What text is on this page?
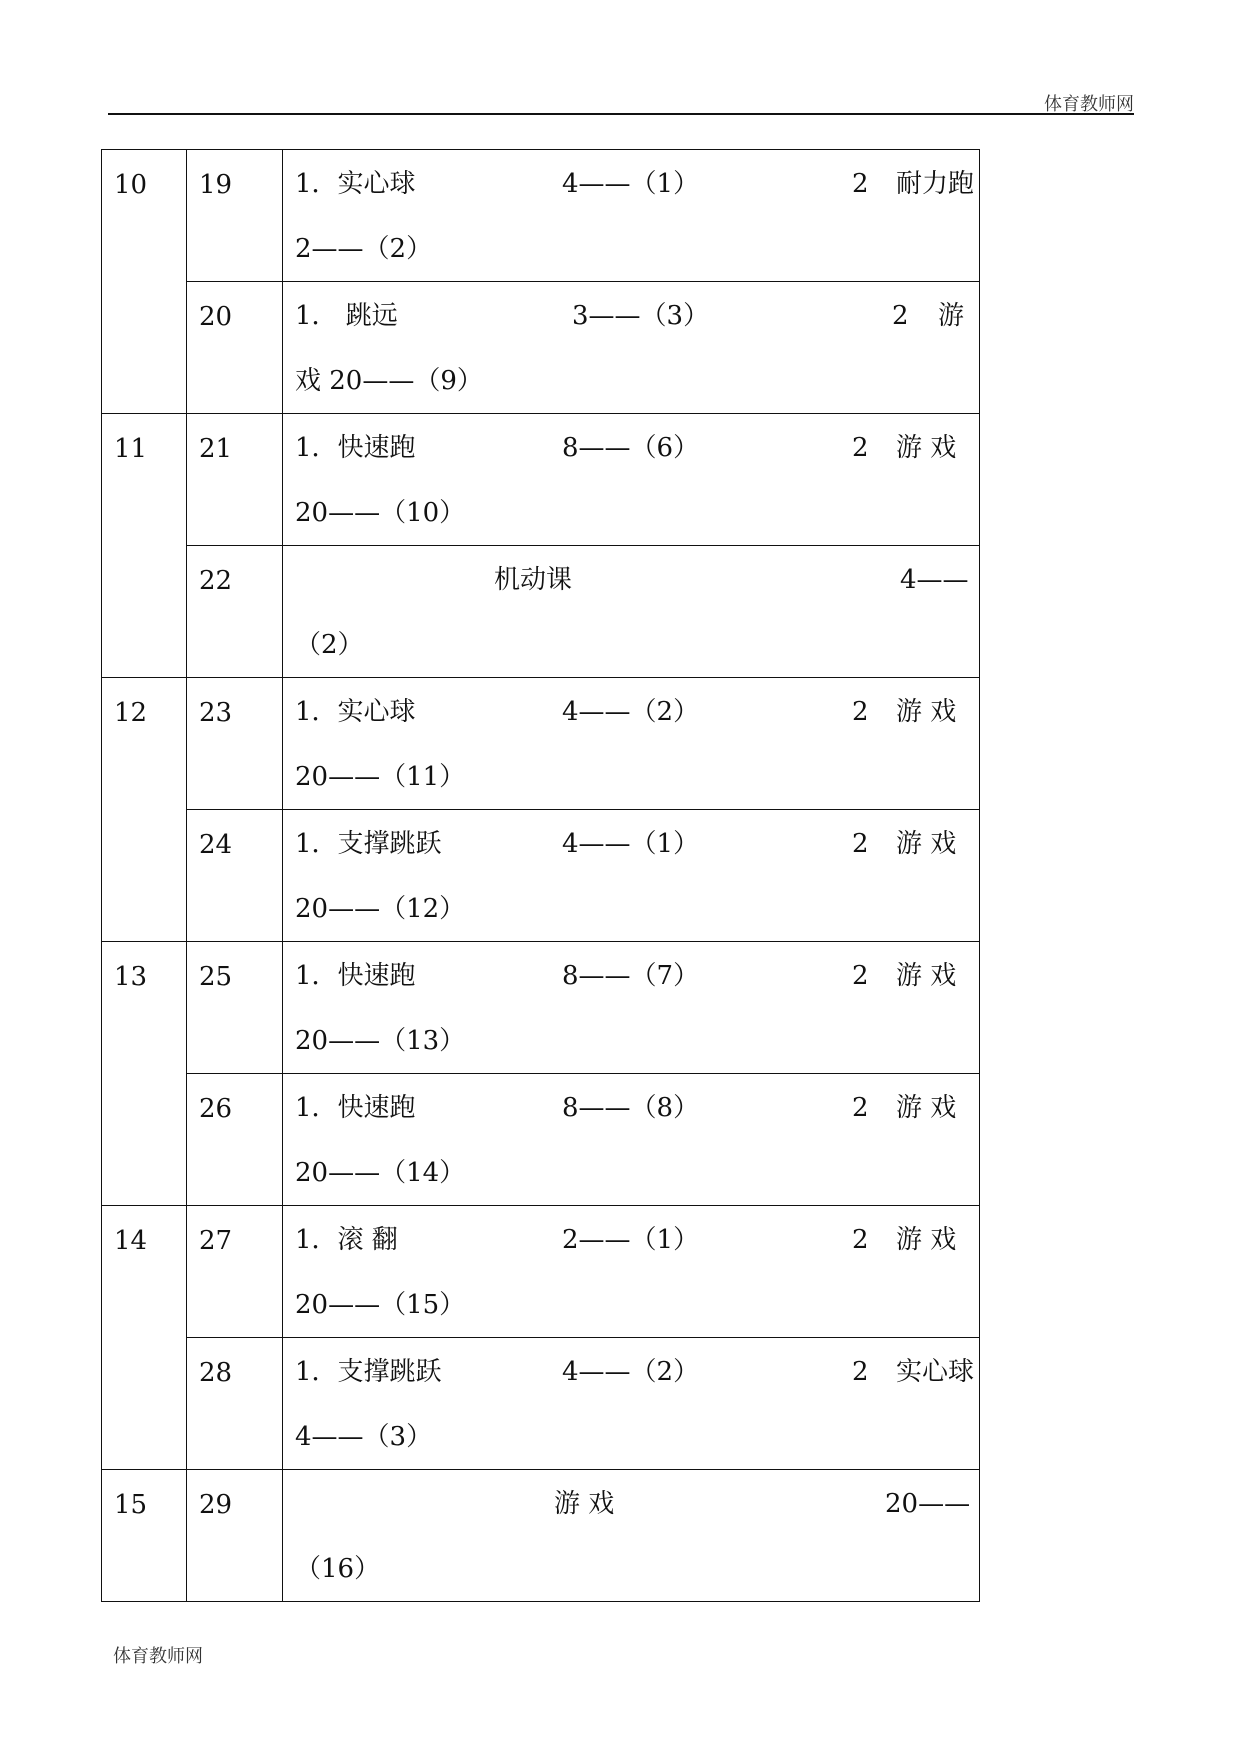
体育教师网
10	19	1．实心球 4——（1） 2 耐力跑
2——（2）

	20	1． 跳远 3——（3） 2 游
戏 20——（9）

11	21	1．快速跑 8——（6） 2 游 戏
20——（10）

	22	机动课 4——
（2）

12	23	1．实心球 4——（2） 2 游 戏
20——（11）

	24	1．支撑跳跃 4——（1） 2 游 戏
20——（12）

13	25	1．快速跑 8——（7） 2 游 戏
20——（13）

	26	1．快速跑 8——（8） 2 游 戏
20——（14）

14	27	1．滚 翻 2——（1） 2 游 戏
20——（15）

	28	1．支撑跳跃 4——（2） 2 实心球
4——（3）

15	29	游 戏 20——
（16）
体育教师网
